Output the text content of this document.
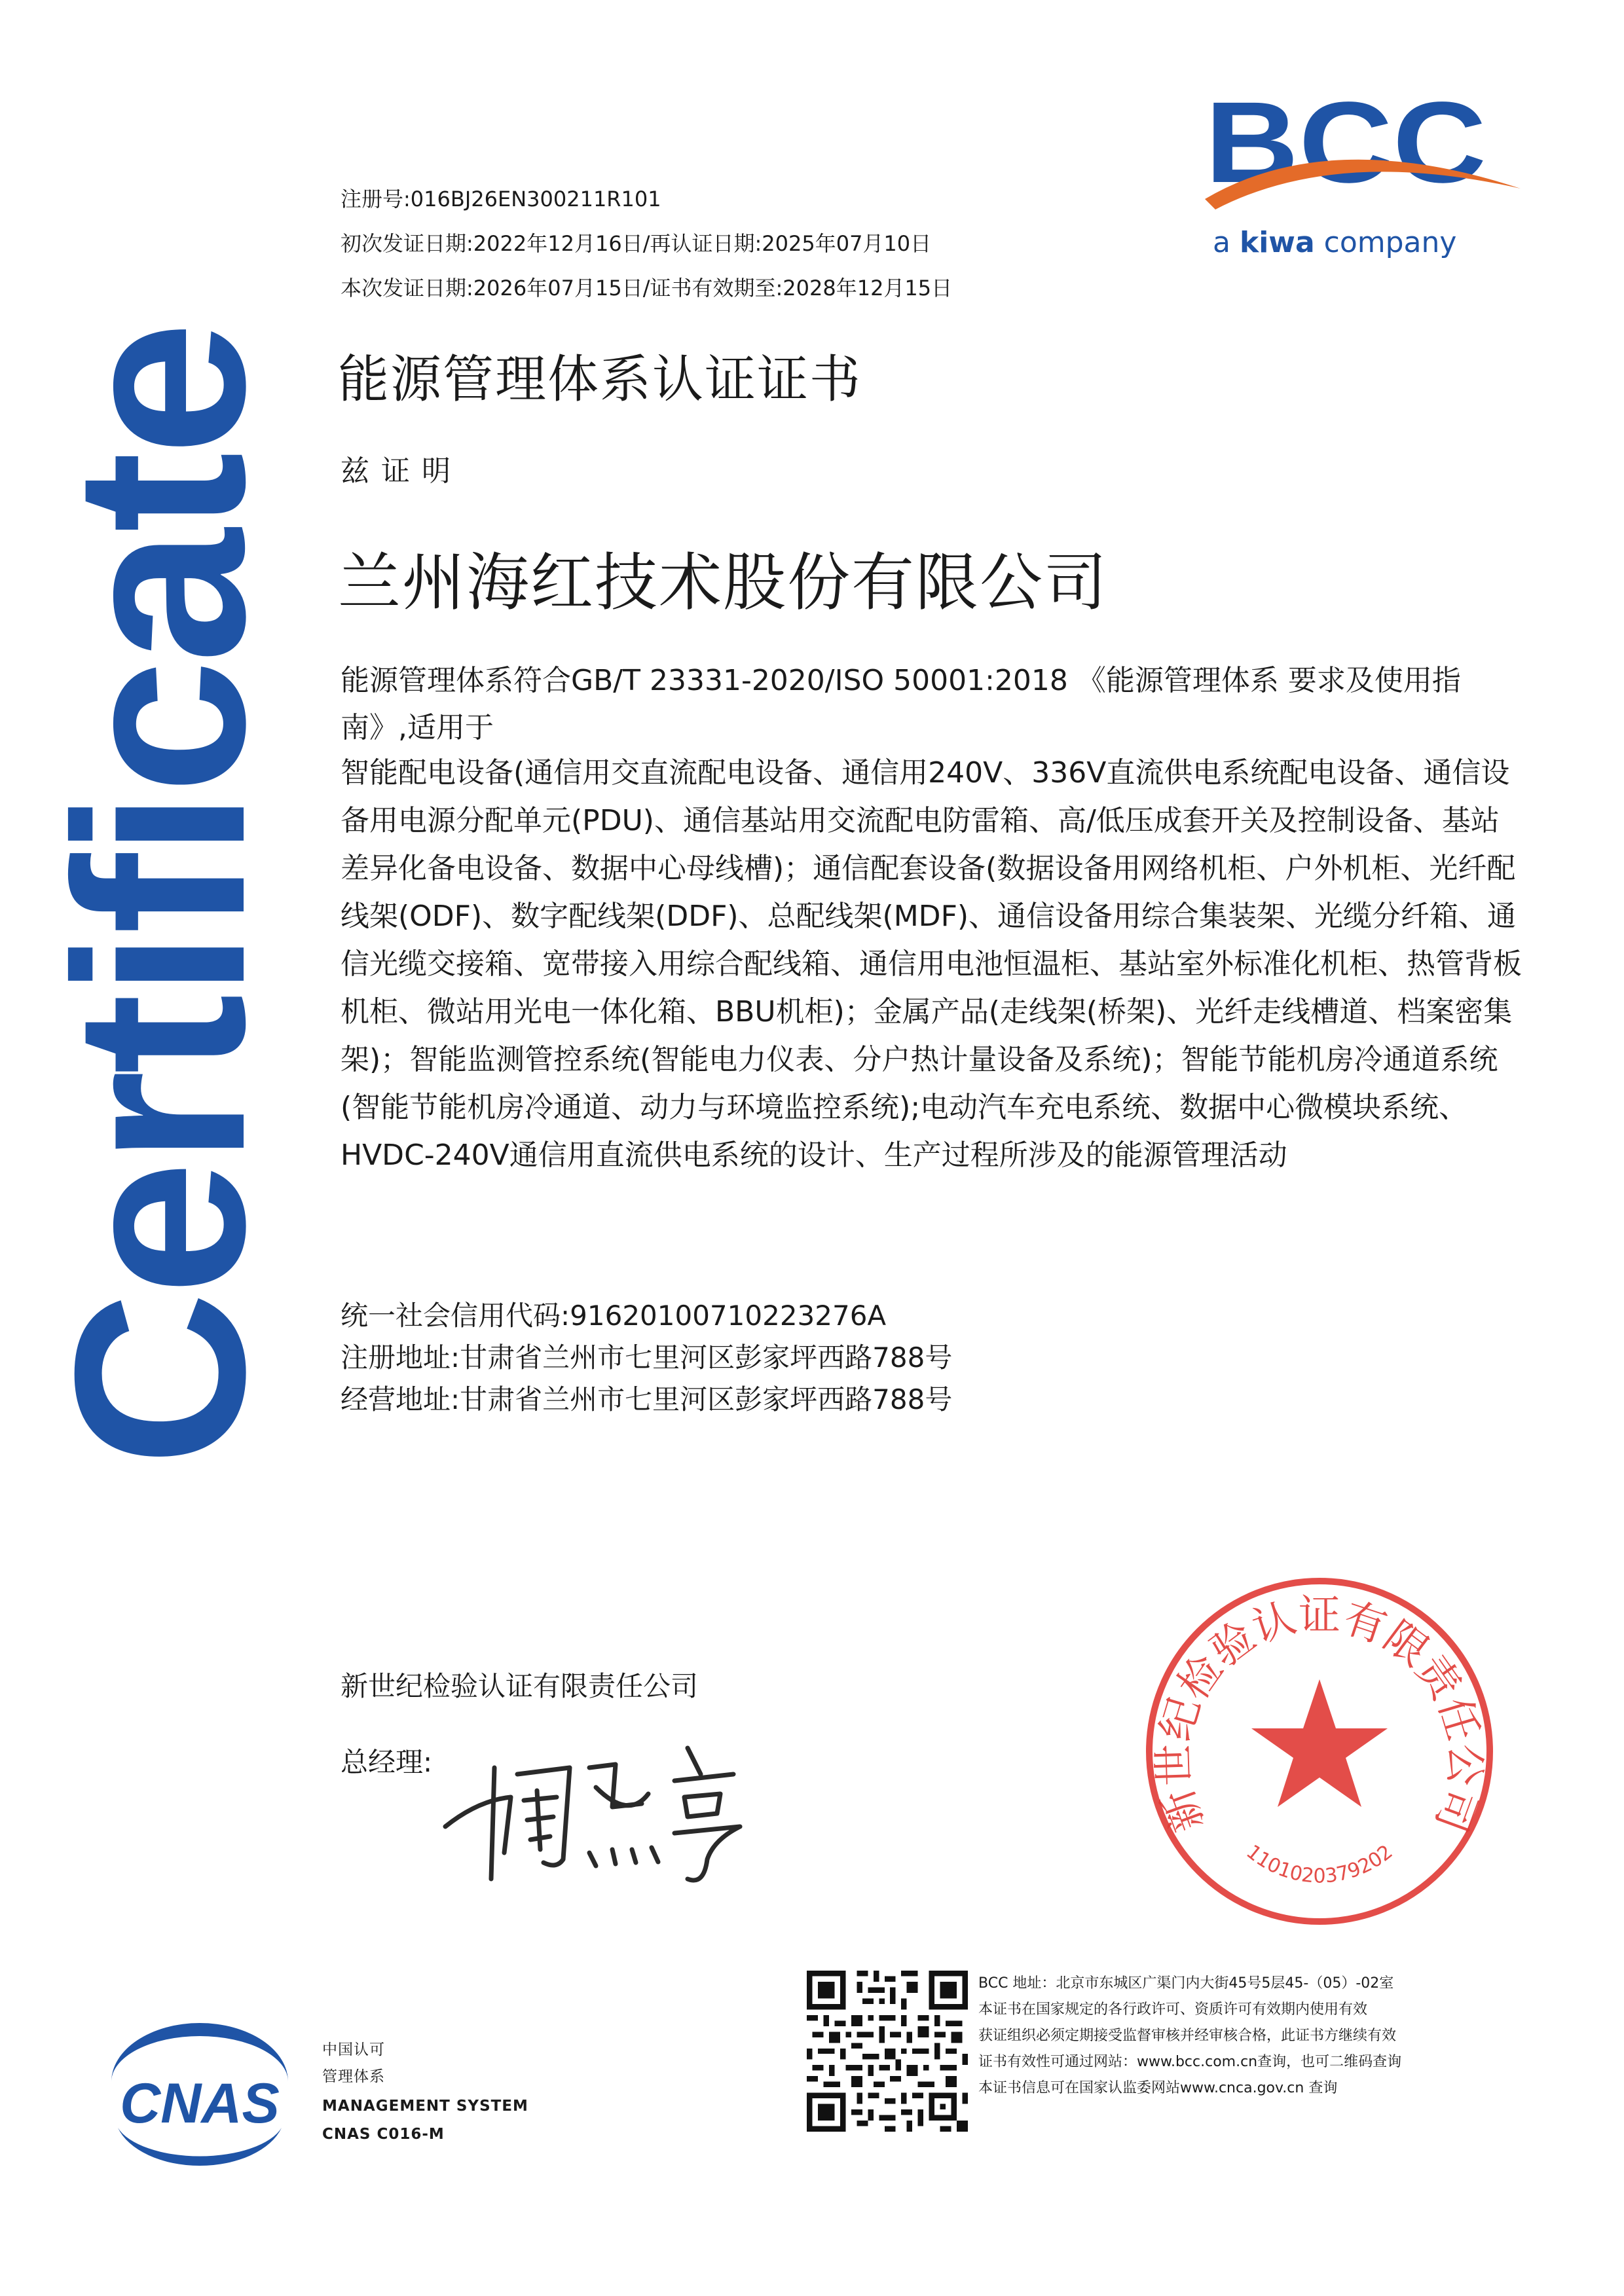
Certificate
BCC
a kiwa company
注册号:016BJ26EN300211R101
初次发证日期:2022年12月16日/再认证日期:2025年07月10日
本次发证日期:2026年07月15日/证书有效期至:2028年12月15日
能源管理体系认证证书
兹证明
兰州海红技术股份有限公司
能源管理体系符合GB/T 23331-2020/ISO 50001:2018 《能源管理体系 要求及使用指南》,适用于
智能配电设备(通信用交直流配电设备、通信用240V、336V直流供电系统配电设备、通信设备用电源分配单元(PDU)、通信基站用交流配电防雷箱、高/低压成套开关及控制设备、基站差异化备电设备、数据中心母线槽)；通信配套设备(数据设备用网络机柜、户外机柜、光纤配线架(ODF)、数字配线架(DDF)、总配线架(MDF)、通信设备用综合集装架、光缆分纤箱、通信光缆交接箱、宽带接入用综合配线箱、通信用电池恒温柜、基站室外标准化机柜、热管背板机柜、微站用光电一体化箱、BBU机柜)；金属产品(走线架(桥架)、光纤走线槽道、档案密集架)；智能监测管控系统(智能电力仪表、分户热计量设备及系统)；智能节能机房冷通道系统(智能节能机房冷通道、动力与环境监控系统);电动汽车充电系统、数据中心微模块系统、HVDC-240V通信用直流供电系统的设计、生产过程所涉及的能源管理活动
统一社会信用代码:91620100710223276A
注册地址:甘肃省兰州市七里河区彭家坪西路788号
经营地址:甘肃省兰州市七里河区彭家坪西路788号
新世纪检验认证有限责任公司
总经理:
新世纪检验认证有限责任公司
1101020379202
CNAS
中国认可
管理体系
MANAGEMENT SYSTEM
CNAS C016-M
BCC 地址：北京市东城区广渠门内大街45号5层45-（05）-02室
本证书在国家规定的各行政许可、资质许可有效期内使用有效
获证组织必须定期接受监督审核并经审核合格，此证书方继续有效
证书有效性可通过网站：www.bcc.com.cn查询，也可二维码查询
本证书信息可在国家认监委网站www.cnca.gov.cn 查询
